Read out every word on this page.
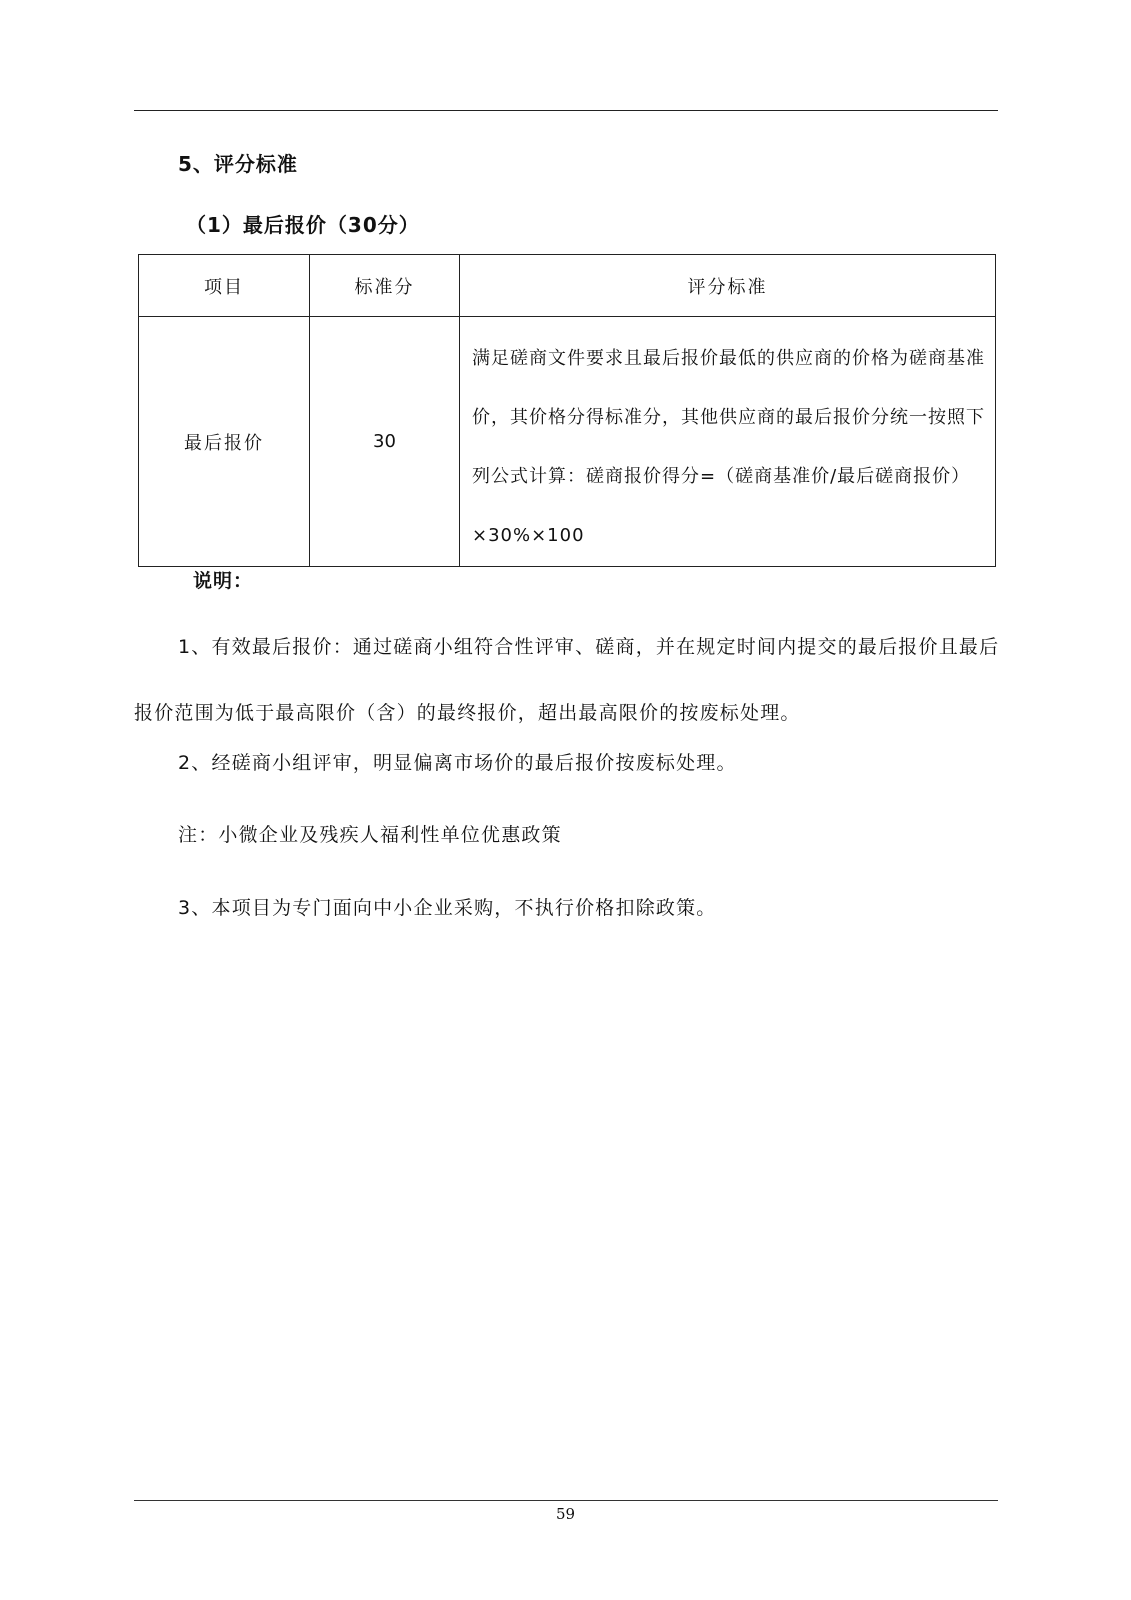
5、评分标准
（1）最后报价（30分）
项目	标准分	评分标准
最后报价	30	满足磋商文件要求且最后报价最低的供应商的价格为磋商基准价，其价格分得标准分，其他供应商的最后报价分统一按照下列公式计算：磋商报价得分=（磋商基准价/最后磋商报价）×30%×100
说明：
1、有效最后报价：通过磋商小组符合性评审、磋商，并在规定时间内提交的最后报价且最后报价范围为低于最高限价（含）的最终报价，超出最高限价的按废标处理。
2、经磋商小组评审，明显偏离市场价的最后报价按废标处理。
注：小微企业及残疾人福利性单位优惠政策
3、本项目为专门面向中小企业采购，不执行价格扣除政策。
59
